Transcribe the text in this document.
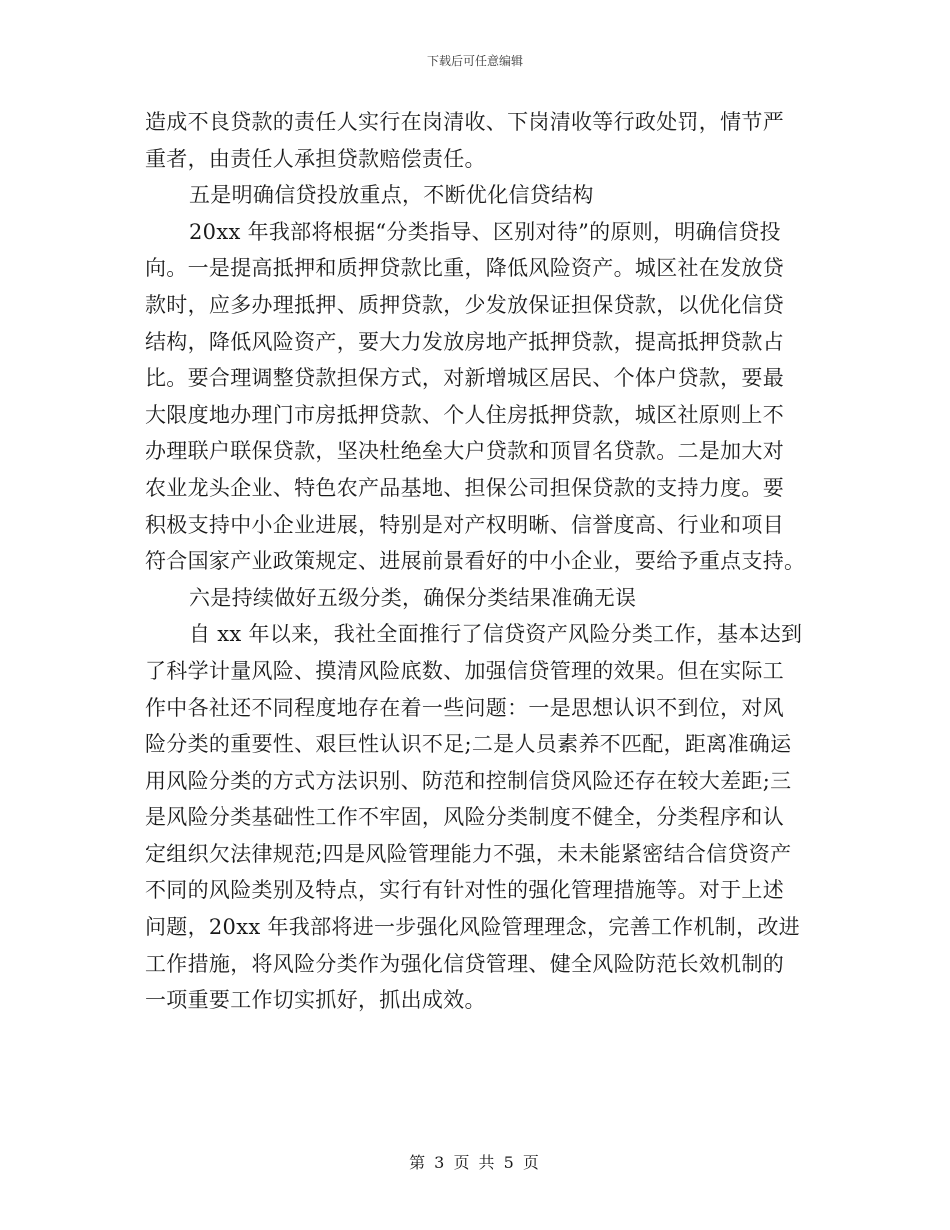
下载后可任意编辑
造成不良贷款的责任人实行在岗清收、下岗清收等行政处罚，情节严
重者，由责任人承担贷款赔偿责任。
五是明确信贷投放重点，不断优化信贷结构
20xx 年我部将根据“分类指导、区别对待”的原则，明确信贷投
向。一是提高抵押和质押贷款比重，降低风险资产。城区社在发放贷
款时，应多办理抵押、质押贷款，少发放保证担保贷款，以优化信贷
结构，降低风险资产，要大力发放房地产抵押贷款，提高抵押贷款占
比。要合理调整贷款担保方式，对新增城区居民、个体户贷款，要最
大限度地办理门市房抵押贷款、个人住房抵押贷款，城区社原则上不
办理联户联保贷款，坚决杜绝垒大户贷款和顶冒名贷款。二是加大对
农业龙头企业、特色农产品基地、担保公司担保贷款的支持力度。要
积极支持中小企业进展，特别是对产权明晰、信誉度高、行业和项目
符合国家产业政策规定、进展前景看好的中小企业，要给予重点支持。
六是持续做好五级分类，确保分类结果准确无误
自 xx 年以来，我社全面推行了信贷资产风险分类工作，基本达到
了科学计量风险、摸清风险底数、加强信贷管理的效果。但在实际工
作中各社还不同程度地存在着一些问题：一是思想认识不到位，对风
险分类的重要性、艰巨性认识不足;二是人员素养不匹配，距离准确运
用风险分类的方式方法识别、防范和控制信贷风险还存在较大差距;三
是风险分类基础性工作不牢固，风险分类制度不健全，分类程序和认
定组织欠法律规范;四是风险管理能力不强，未未能紧密结合信贷资产
不同的风险类别及特点，实行有针对性的强化管理措施等。对于上述
问题，20xx 年我部将进一步强化风险管理理念，完善工作机制，改进
工作措施，将风险分类作为强化信贷管理、健全风险防范长效机制的
一项重要工作切实抓好，抓出成效。
第 3 页 共 5 页
